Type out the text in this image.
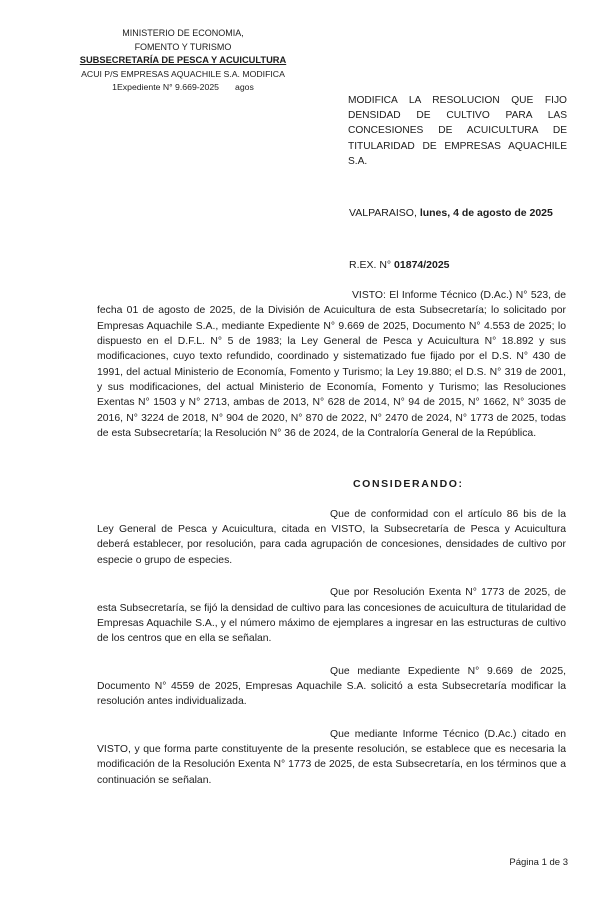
MINISTERIO DE ECONOMIA,
FOMENTO Y TURISMO
SUBSECRETARÍA DE PESCA Y ACUICULTURA
ACUI P/S EMPRESAS AQUACHILE S.A. MODIFICA
1Expediente N° 9.669-2025 agos
MODIFICA LA RESOLUCION QUE FIJO DENSIDAD DE CULTIVO PARA LAS CONCESIONES DE ACUICULTURA DE TITULARIDAD DE EMPRESAS AQUACHILE S.A.
VALPARAISO, lunes, 4 de agosto de 2025
R.EX. N° 01874/2025

VISTO: El Informe Técnico (D.Ac.) N° 523, de fecha 01 de agosto de 2025, de la División de Acuicultura de esta Subsecretaría; lo solicitado por Empresas Aquachile S.A., mediante Expediente N° 9.669 de 2025, Documento N° 4.553 de 2025; lo dispuesto en el D.F.L. N° 5 de 1983; la Ley General de Pesca y Acuicultura N° 18.892 y sus modificaciones, cuyo texto refundido, coordinado y sistematizado fue fijado por el D.S. N° 430 de 1991, del actual Ministerio de Economía, Fomento y Turismo; la Ley 19.880; el D.S. N° 319 de 2001, y sus modificaciones, del actual Ministerio de Economía, Fomento y Turismo; las Resoluciones Exentas N° 1503 y N° 2713, ambas de 2013, N° 628 de 2014, N° 94 de 2015, N° 1662, N° 3035 de 2016, N° 3224 de 2018, N° 904 de 2020, N° 870 de 2022, N° 2470 de 2024, N° 1773 de 2025, todas de esta Subsecretaría; la Resolución N° 36 de 2024, de la Contraloría General de la República.

CONSIDERANDO:

Que de conformidad con el artículo 86 bis de la Ley General de Pesca y Acuicultura, citada en VISTO, la Subsecretaría de Pesca y Acuicultura deberá establecer, por resolución, para cada agrupación de concesiones, densidades de cultivo por especie o grupo de especies.

Que por Resolución Exenta N° 1773 de 2025, de esta Subsecretaría, se fijó la densidad de cultivo para las concesiones de acuicultura de titularidad de Empresas Aquachile S.A., y el número máximo de ejemplares a ingresar en las estructuras de cultivo de los centros que en ella se señalan.

Que mediante Expediente N° 9.669 de 2025, Documento N° 4559 de 2025, Empresas Aquachile S.A. solicitó a esta Subsecretaría modificar la resolución antes individualizada.

Que mediante Informe Técnico (D.Ac.) citado en VISTO, y que forma parte constituyente de la presente resolución, se establece que es necesaria la modificación de la Resolución Exenta N° 1773 de 2025, de esta Subsecretaría, en los términos que a continuación se señalan.

Página 1 de 3
